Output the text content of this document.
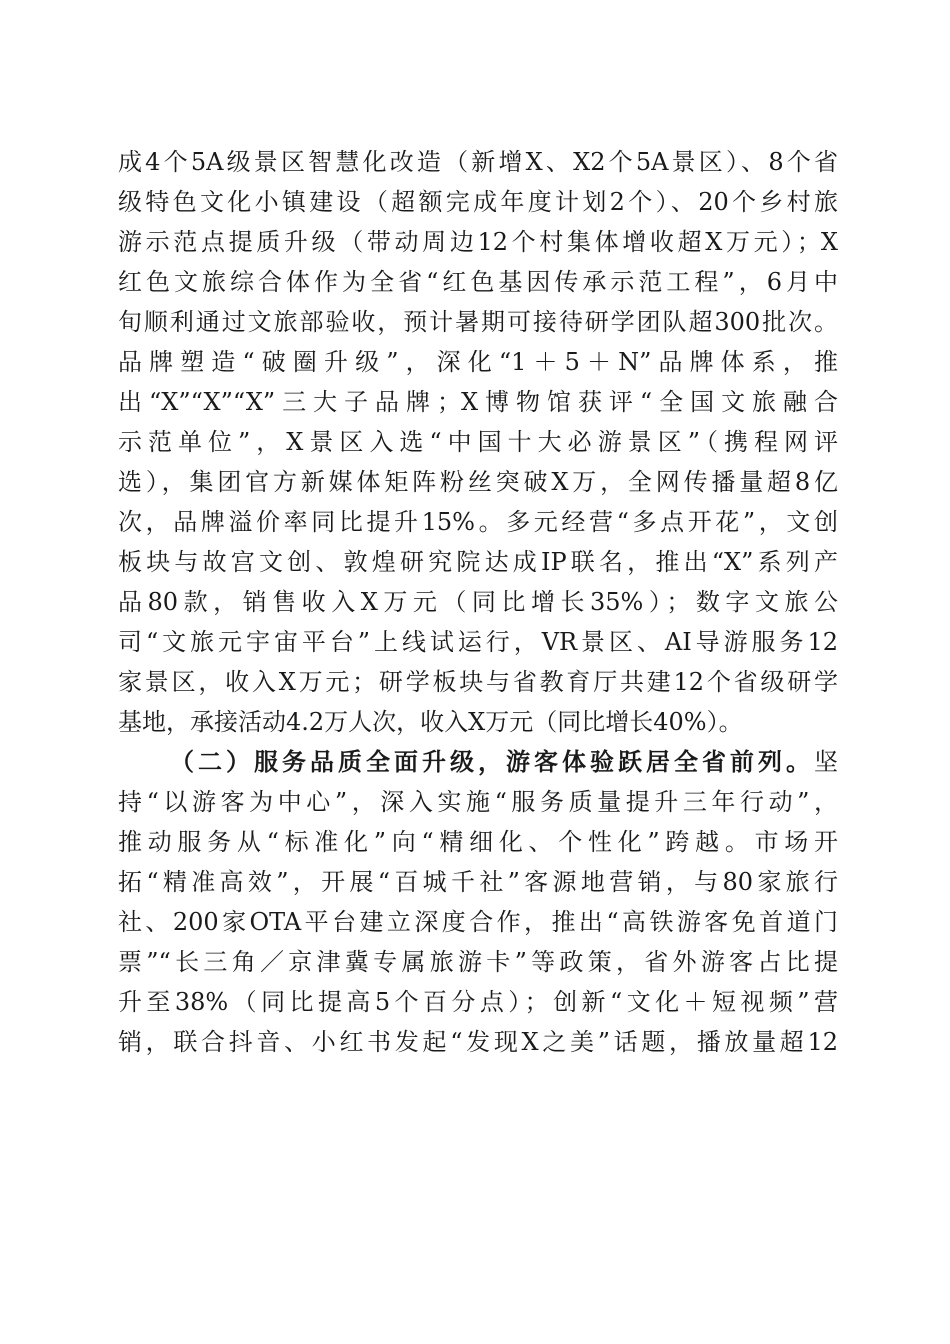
成4个5A级景区智慧化改造（新增X、X2个5A景区）、8个省
级特色文化小镇建设（超额完成年度计划2个）、20个乡村旅
游示范点提质升级（带动周边12个村集体增收超X万元）；X
红色文旅综合体作为全省“红色基因传承示范工程”，6月中
旬顺利通过文旅部验收，预计暑期可接待研学团队超300批次。
品牌塑造“破圈升级”，深化“1＋5＋N”品牌体系，推
出“X”“X”“X”三大子品牌；X博物馆获评“全国文旅融合
示范单位”，X景区入选“中国十大必游景区”（携程网评
选），集团官方新媒体矩阵粉丝突破X万，全网传播量超8亿
次，品牌溢价率同比提升15%。多元经营“多点开花”，文创
板块与故宫文创、敦煌研究院达成IP联名，推出“X”系列产
品80款，销售收入X万元（同比增长35%）；数字文旅公
司“文旅元宇宙平台”上线试运行，VR景区、AI导游服务12
家景区，收入X万元；研学板块与省教育厅共建12个省级研学
基地，承接活动4.2万人次，收入X万元（同比增长40%）。
（二）服务品质全面升级，游客体验跃居全省前列。坚
持“以游客为中心”，深入实施“服务质量提升三年行动”，
推动服务从“标准化”向“精细化、个性化”跨越。市场开
拓“精准高效”，开展“百城千社”客源地营销，与80家旅行
社、200家OTA平台建立深度合作，推出“高铁游客免首道门
票”“长三角／京津冀专属旅游卡”等政策，省外游客占比提
升至38%（同比提高5个百分点）；创新“文化＋短视频”营
销，联合抖音、小红书发起“发现X之美”话题，播放量超12
